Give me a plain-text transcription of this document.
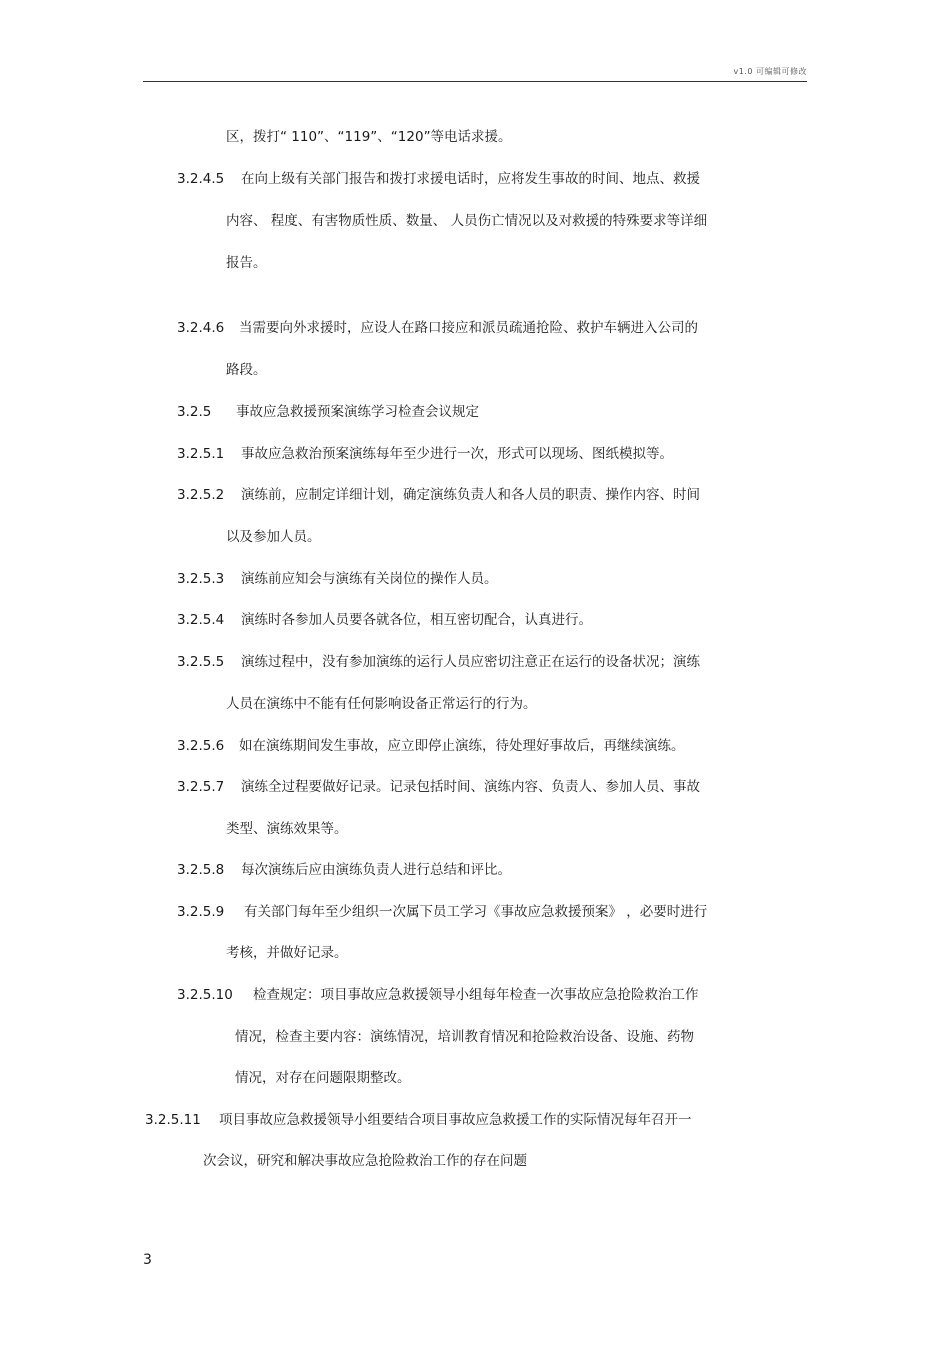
v1.0 可编辑可修改
区，拨打“ 110”、“119”、“120”等电话求援。
3.2.4.5 在向上级有关部门报告和拨打求援电话时，应将发生事故的时间、地点、救援
内容、 程度、有害物质性质、数量、 人员伤亡情况以及对救援的特殊要求等详细
报告。
3.2.4.6 当需要向外求援时，应设人在路口接应和派员疏通抢险、救护车辆进入公司的
路段。
3.2.5 事故应急救援预案演练学习检查会议规定
3.2.5.1 事故应急救治预案演练每年至少进行一次，形式可以现场、图纸模拟等。
3.2.5.2 演练前，应制定详细计划，确定演练负责人和各人员的职责、操作内容、时间
以及参加人员。
3.2.5.3 演练前应知会与演练有关岗位的操作人员。
3.2.5.4 演练时各参加人员要各就各位，相互密切配合，认真进行。
3.2.5.5 演练过程中，没有参加演练的运行人员应密切注意正在运行的设备状况；演练
人员在演练中不能有任何影响设备正常运行的行为。
3.2.5.6 如在演练期间发生事故，应立即停止演练，待处理好事故后，再继续演练。
3.2.5.7 演练全过程要做好记录。记录包括时间、演练内容、负责人、参加人员、事故
类型、演练效果等。
3.2.5.8 每次演练后应由演练负责人进行总结和评比。
3.2.5.9 有关部门每年至少组织一次属下员工学习《事故应急救援预案》 ，必要时进行
考核，并做好记录。
3.2.5.10 检查规定：项目事故应急救援领导小组每年检查一次事故应急抢险救治工作
情况，检查主要内容：演练情况，培训教育情况和抢险救治设备、设施、药物
情况，对存在问题限期整改。
3.2.5.11 项目事故应急救援领导小组要结合项目事故应急救援工作的实际情况每年召开一
次会议，研究和解决事故应急抢险救治工作的存在问题
3
